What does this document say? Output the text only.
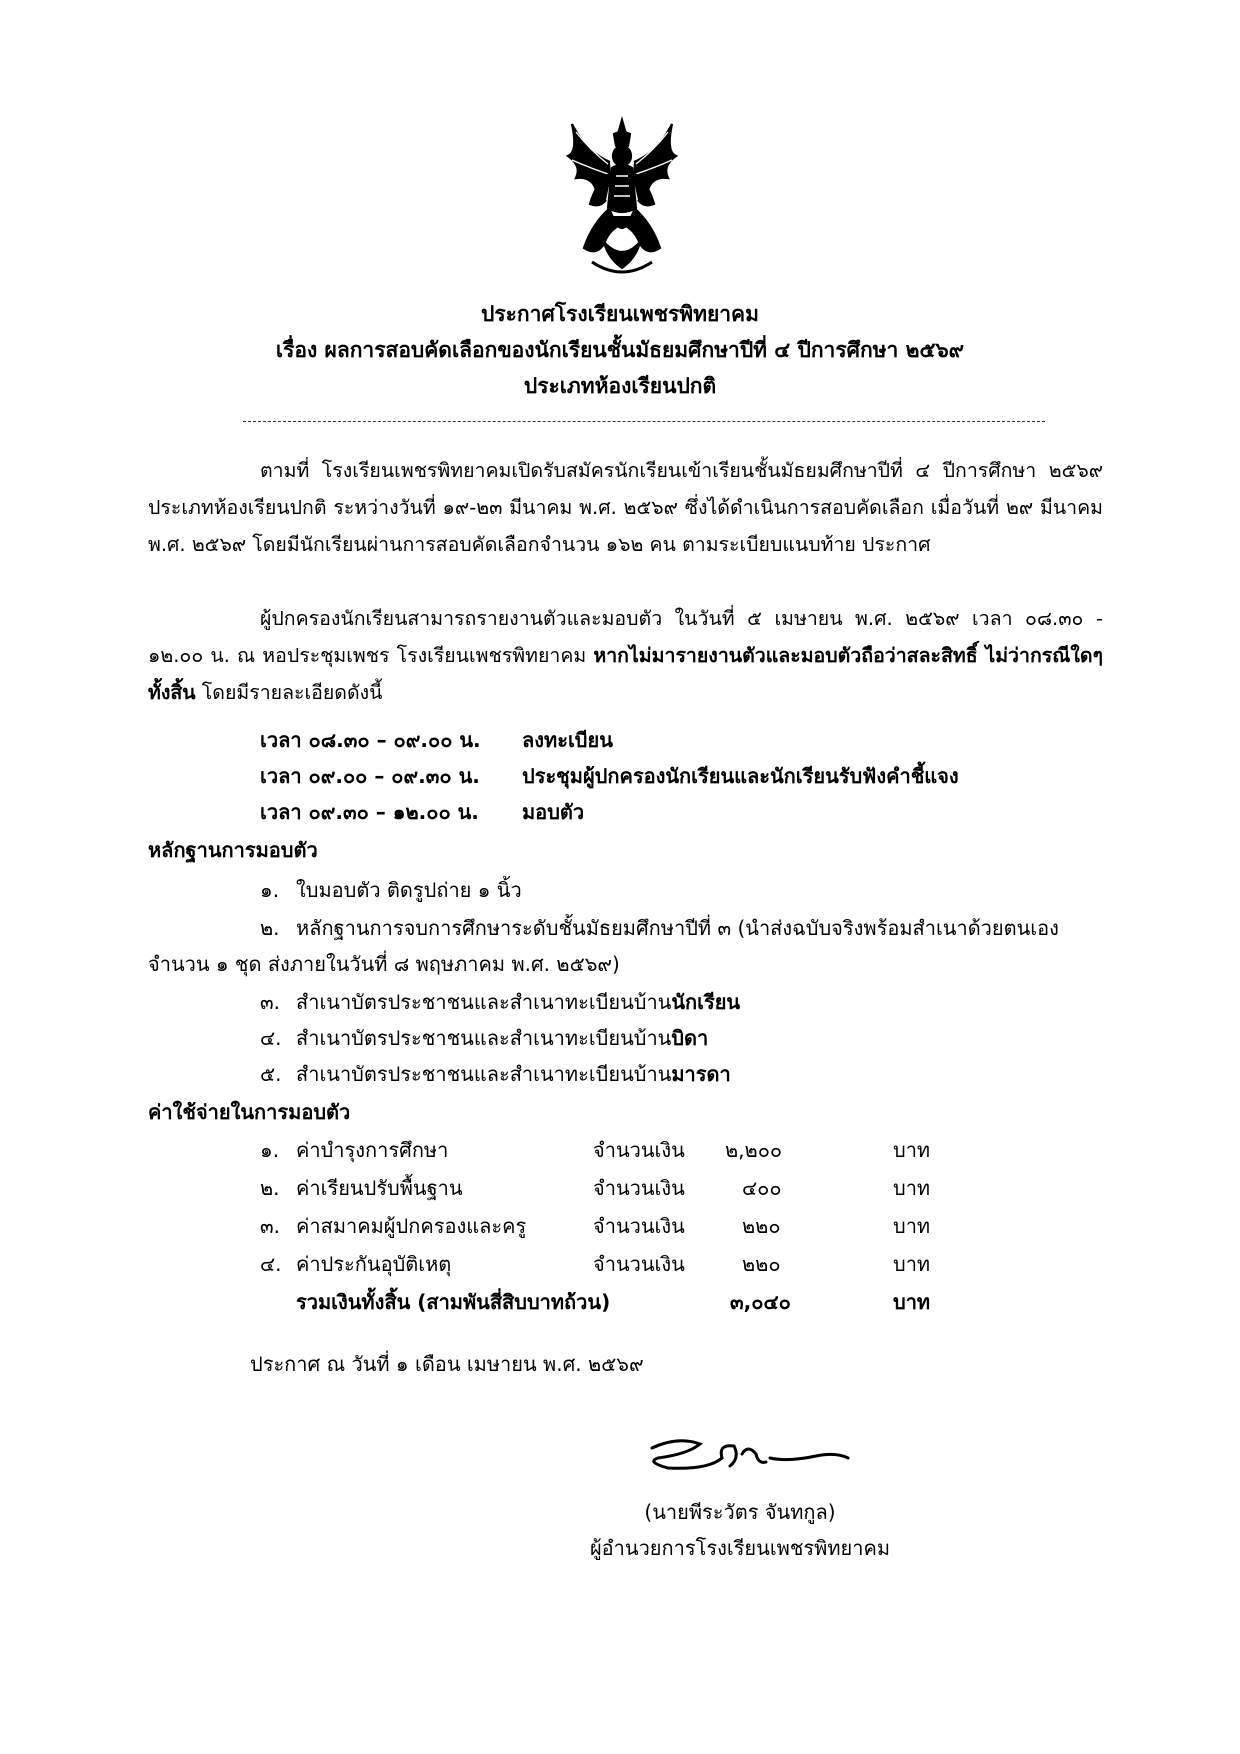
ประกาศโรงเรียนเพชรพิทยาคม
เรื่อง ผลการสอบคัดเลือกของนักเรียนชั้นมัธยมศึกษาปีที่ ๔ ปีการศึกษา ๒๕๖๙
ประเภทห้องเรียนปกติ
ตามที่ โรงเรียนเพชรพิทยาคมเปิดรับสมัครนักเรียนเข้าเรียนชั้นมัธยมศึกษาปีที่ ๔ ปีการศึกษา ๒๕๖๙ ประเภทห้องเรียนปกติ ระหว่างวันที่ ๑๙-๒๓ มีนาคม พ.ศ. ๒๕๖๙ ซึ่งได้ดำเนินการสอบคัดเลือก เมื่อวันที่ ๒๙ มีนาคม พ.ศ. ๒๕๖๙ โดยมีนักเรียนผ่านการสอบคัดเลือกจำนวน ๑๖๒ คน ตามระเบียบแนบท้าย ประกาศ
ผู้ปกครองนักเรียนสามารถรายงานตัวและมอบตัว ในวันที่ ๕ เมษายน พ.ศ. ๒๕๖๙ เวลา ๐๘.๓๐ - ๑๒.๐๐ น. ณ หอประชุมเพชร โรงเรียนเพชรพิทยาคม หากไม่มารายงานตัวและมอบตัวถือว่าสละสิทธิ์ ไม่ว่ากรณีใดๆ ทั้งสิ้น โดยมีรายละเอียดดังนี้
เวลา ๐๘.๓๐ – ๐๙.๐๐ น. ลงทะเบียน
เวลา ๐๙.๐๐ – ๐๙.๓๐ น. ประชุมผู้ปกครองนักเรียนและนักเรียนรับฟังคำชี้แจง
เวลา ๐๙.๓๐ – ๑๒.๐๐ น. มอบตัว
หลักฐานการมอบตัว
๑. ใบมอบตัว ติดรูปถ่าย ๑ นิ้ว
๒. หลักฐานการจบการศึกษาระดับชั้นมัธยมศึกษาปีที่ ๓ (นำส่งฉบับจริงพร้อมสำเนาด้วยตนเอง
จำนวน ๑ ชุด ส่งภายในวันที่ ๘ พฤษภาคม พ.ศ. ๒๕๖๙)
๓. สำเนาบัตรประชาชนและสำเนาทะเบียนบ้านนักเรียน
๔. สำเนาบัตรประชาชนและสำเนาทะเบียนบ้านบิดา
๕. สำเนาบัตรประชาชนและสำเนาทะเบียนบ้านมารดา
ค่าใช้จ่ายในการมอบตัว
๑. ค่าบำรุงการศึกษา	จำนวนเงิน ๒,๒๐๐	บาท
๒. ค่าเรียนปรับพื้นฐาน	จำนวนเงิน	๔๐๐	บาท
๓. ค่าสมาคมผู้ปกครองและครู	จำนวนเงิน	๒๒๐	บาท
๔. ค่าประกันอุบัติเหตุ	จำนวนเงิน	๒๒๐	บาท
รวมเงินทั้งสิ้น (สามพันสี่สิบบาทถ้วน)	๓,๐๔๐	บาท
ประกาศ ณ วันที่ ๑ เดือน เมษายน พ.ศ. ๒๕๖๙
(นายพีระวัตร จันทกูล)
ผู้อำนวยการโรงเรียนเพชรพิทยาคม
